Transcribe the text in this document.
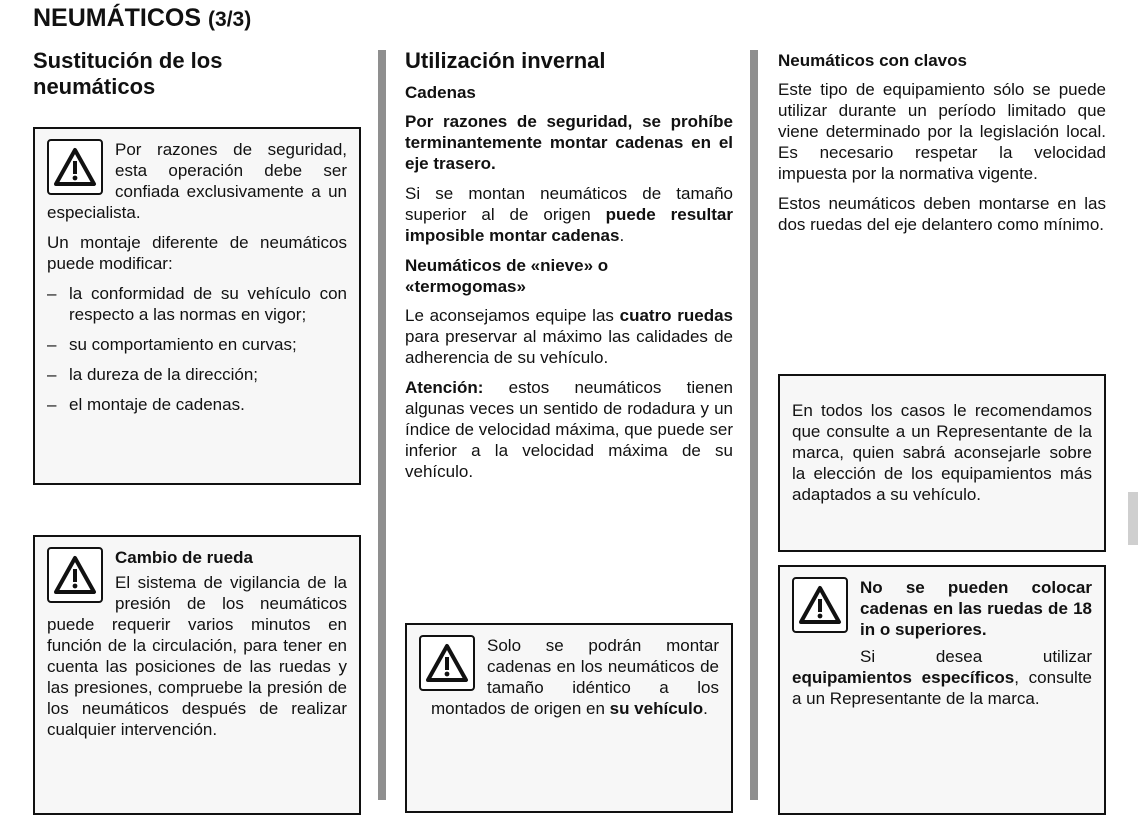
NEUMÁTICOS (3/3)
Sustitución de los neumáticos

Por razones de seguridad, esta operación debe ser confiada exclusivamente a un especialista.

Un montaje diferente de neumáticos puede modificar:

– la conformidad de su vehículo con respecto a las normas en vigor;
– su comportamiento en curvas;
– la dureza de la dirección;
– el montaje de cadenas.

Cambio de rueda

El sistema de vigilancia de la presión de los neumáticos puede requerir varios minutos en función de la circulación, para tener en cuenta las posiciones de las ruedas y las presiones, compruebe la presión de los neumáticos después de realizar cualquier intervención.

Utilización invernal

Cadenas

Por razones de seguridad, se prohíbe terminantemente montar cadenas en el eje trasero.

Si se montan neumáticos de tamaño superior al de origen puede resultar imposible montar cadenas.

Neumáticos de «nieve» o «termogomas»

Le aconsejamos equipe las cuatro ruedas para preservar al máximo las calidades de adherencia de su vehículo.

Atención: estos neumáticos tienen algunas veces un sentido de rodadura y un índice de velocidad máxima, que puede ser inferior a la velocidad máxima de su vehículo.

Solo se podrán montar cadenas en los neumáticos de tamaño idéntico a los montados de origen en su vehículo.

Neumáticos con clavos

Este tipo de equipamiento sólo se puede utilizar durante un período limitado que viene determinado por la legislación local. Es necesario respetar la velocidad impuesta por la normativa vigente.

Estos neumáticos deben montarse en las dos ruedas del eje delantero como mínimo.

En todos los casos le recomendamos que consulte a un Representante de la marca, quien sabrá aconsejarle sobre la elección de los equipamientos más adaptados a su vehículo.

No se pueden colocar cadenas en las ruedas de 18 in o superiores.

Si desea utilizar equipamientos específicos, consulte a un Representante de la marca.
